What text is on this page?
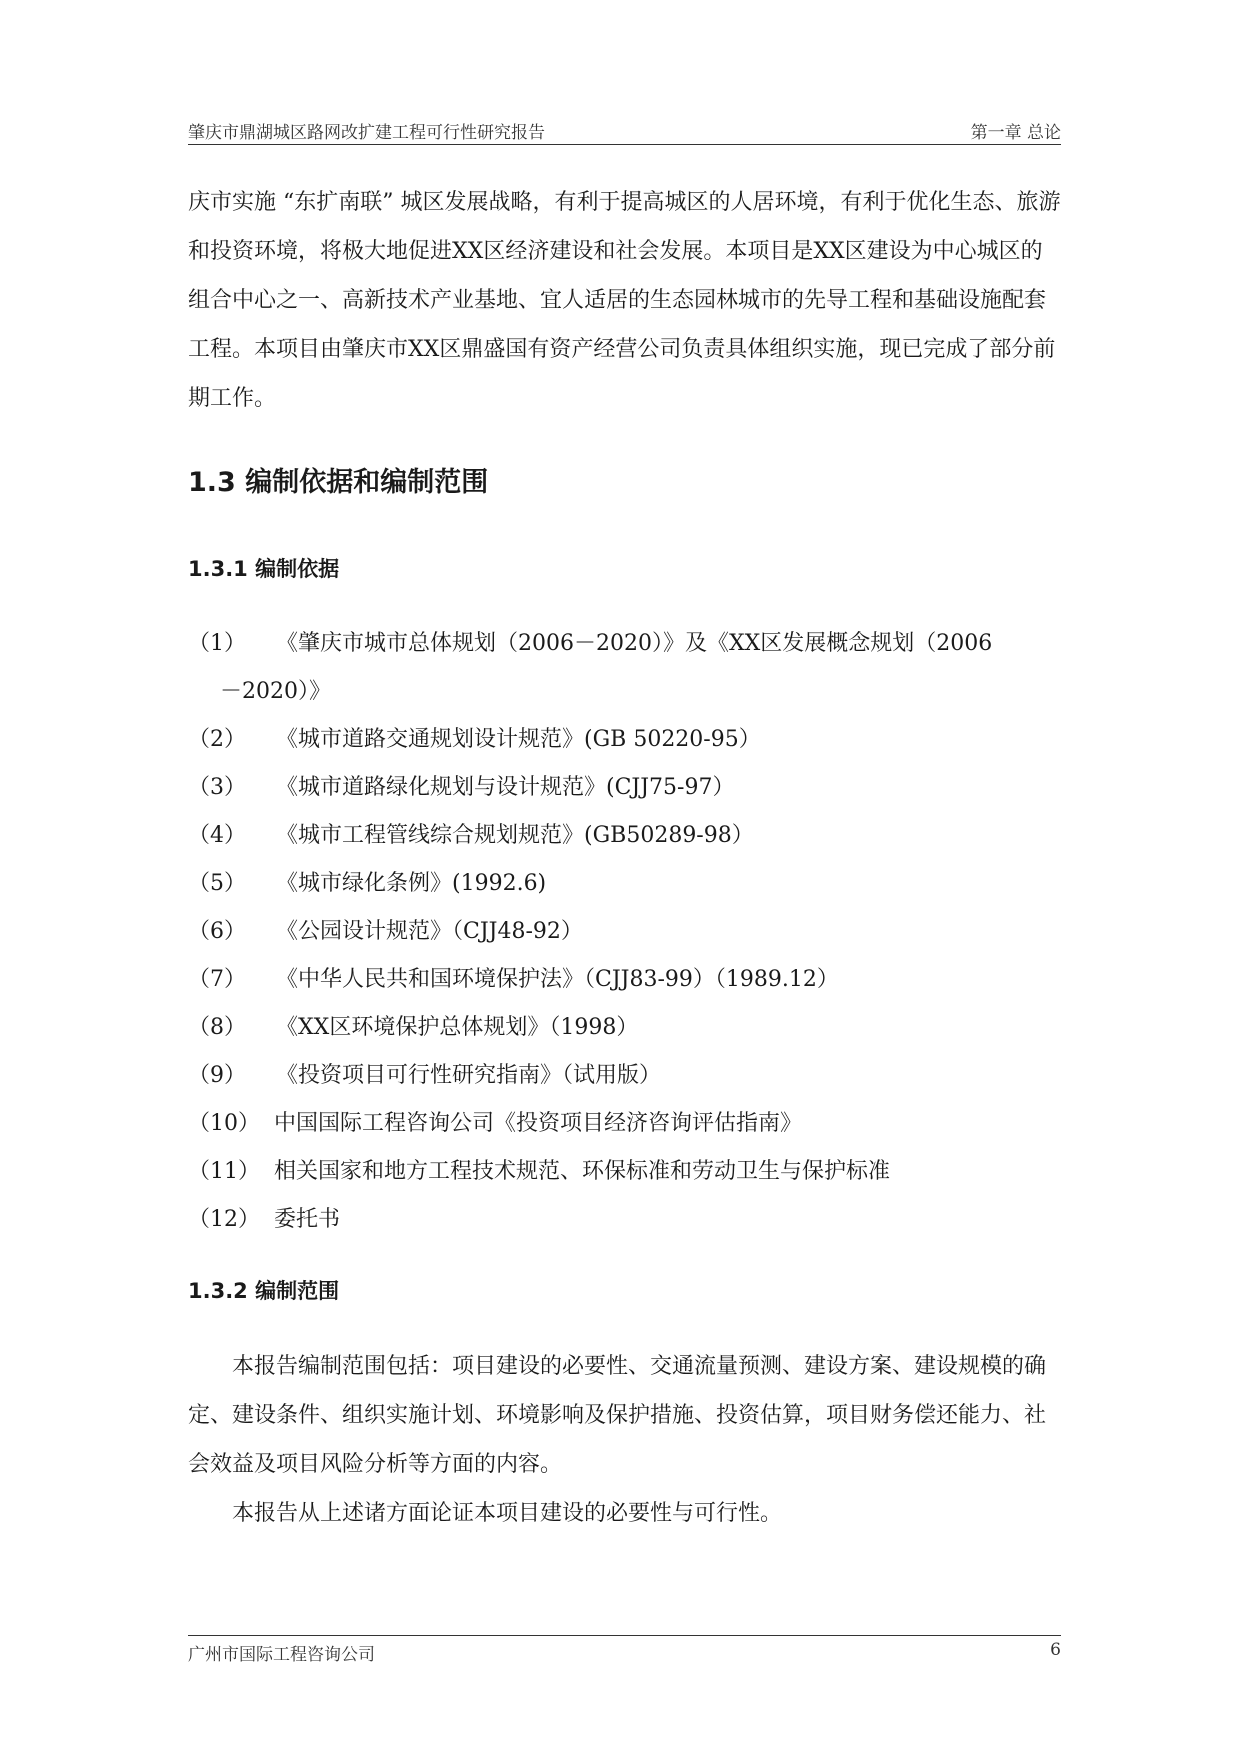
肇庆市鼎湖城区路网改扩建工程可行性研究报告	第一章 总论

庆市实施 “东扩南联” 城区发展战略，有利于提高城区的人居环境，有利于优化生态、旅游和投资环境，将极大地促进XX区经济建设和社会发展。本项目是XX区建设为中心城区的组合中心之一、高新技术产业基地、宜人适居的生态园林城市的先导工程和基础设施配套工程。本项目由肇庆市XX区鼎盛国有资产经营公司负责具体组织实施，现已完成了部分前期工作。

1.3 编制依据和编制范围
1.3.1 编制依据
（1） 《肇庆市城市总体规划（2006－2020）》及《XX区发展概念规划（2006
－2020）》
（2） 《城市道路交通规划设计规范》(GB 50220-95）
（3） 《城市道路绿化规划与设计规范》(CJJ75-97）
（4） 《城市工程管线综合规划规范》(GB50289-98）
（5） 《城市绿化条例》(1992.6)
（6） 《公园设计规范》（CJJ48-92）
（7） 《中华人民共和国环境保护法》（CJJ83-99）（1989.12）
（8） 《XX区环境保护总体规划》（1998）
（9） 《投资项目可行性研究指南》（试用版）
（10） 中国国际工程咨询公司《投资项目经济咨询评估指南》
（11） 相关国家和地方工程技术规范、环保标准和劳动卫生与保护标准
（12） 委托书
1.3.2 编制范围

本报告编制范围包括：项目建设的必要性、交通流量预测、建设方案、建设规模的确定、建设条件、组织实施计划、环境影响及保护措施、投资估算，项目财务偿还能力、社会效益及项目风险分析等方面的内容。

本报告从上述诸方面论证本项目建设的必要性与可行性。

广州市国际工程咨询公司	6
